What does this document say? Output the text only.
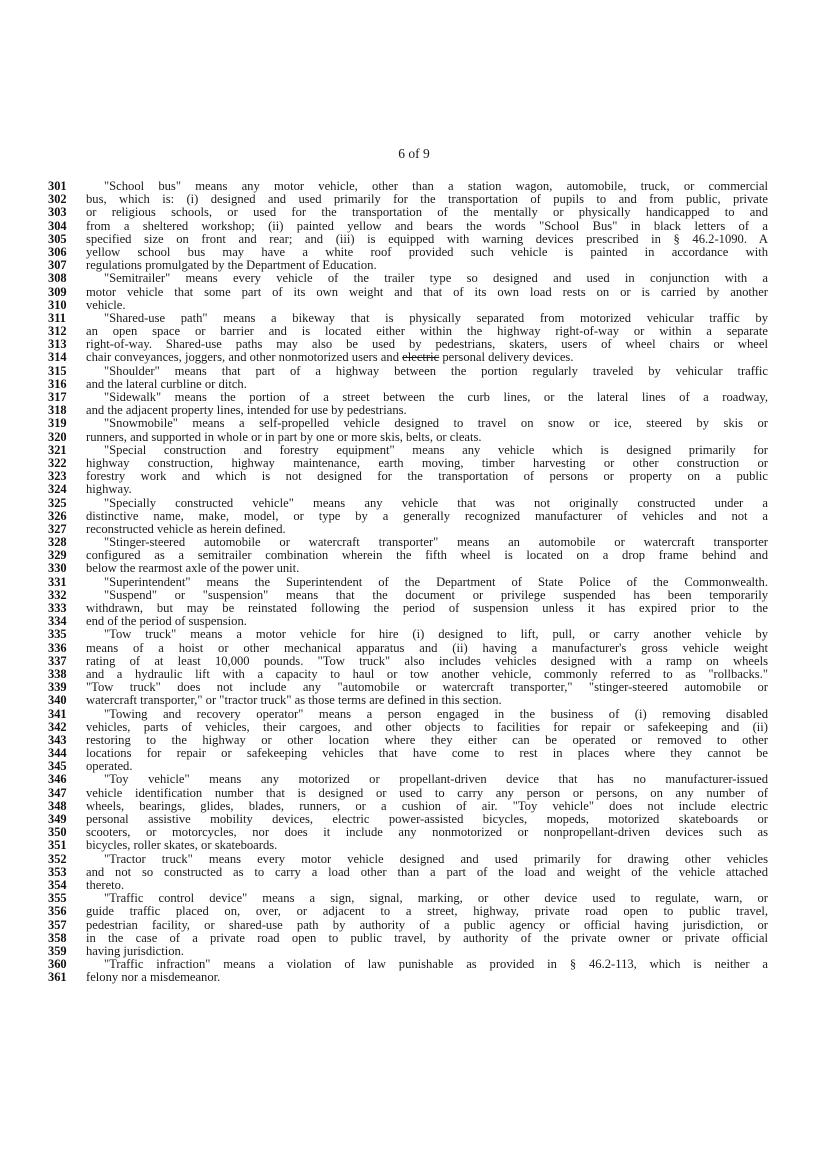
6 of 9
301	"School bus" means any motor vehicle, other than a station wagon, automobile, truck, or commercial
302	bus, which is: (i) designed and used primarily for the transportation of pupils to and from public, private
303	or religious schools, or used for the transportation of the mentally or physically handicapped to and
304	from a sheltered workshop; (ii) painted yellow and bears the words "School Bus" in black letters of a
305	specified size on front and rear; and (iii) is equipped with warning devices prescribed in § 46.2-1090. A
306	yellow school bus may have a white roof provided such vehicle is painted in accordance with
307	regulations promulgated by the Department of Education.
308	"Semitrailer" means every vehicle of the trailer type so designed and used in conjunction with a
309	motor vehicle that some part of its own weight and that of its own load rests on or is carried by another
310	vehicle.
311	"Shared-use path" means a bikeway that is physically separated from motorized vehicular traffic by
312	an open space or barrier and is located either within the highway right-of-way or within a separate
313	right-of-way. Shared-use paths may also be used by pedestrians, skaters, users of wheel chairs or wheel
314	chair conveyances, joggers, and other nonmotorized users and electric personal delivery devices.
315	"Shoulder" means that part of a highway between the portion regularly traveled by vehicular traffic
316	and the lateral curbline or ditch.
317	"Sidewalk" means the portion of a street between the curb lines, or the lateral lines of a roadway,
318	and the adjacent property lines, intended for use by pedestrians.
319	"Snowmobile" means a self-propelled vehicle designed to travel on snow or ice, steered by skis or
320	runners, and supported in whole or in part by one or more skis, belts, or cleats.
321	"Special construction and forestry equipment" means any vehicle which is designed primarily for
322	highway construction, highway maintenance, earth moving, timber harvesting or other construction or
323	forestry work and which is not designed for the transportation of persons or property on a public
324	highway.
325	"Specially constructed vehicle" means any vehicle that was not originally constructed under a
326	distinctive name, make, model, or type by a generally recognized manufacturer of vehicles and not a
327	reconstructed vehicle as herein defined.
328	"Stinger-steered automobile or watercraft transporter" means an automobile or watercraft transporter
329	configured as a semitrailer combination wherein the fifth wheel is located on a drop frame behind and
330	below the rearmost axle of the power unit.
331	"Superintendent" means the Superintendent of the Department of State Police of the Commonwealth.
332	"Suspend" or "suspension" means that the document or privilege suspended has been temporarily
333	withdrawn, but may be reinstated following the period of suspension unless it has expired prior to the
334	end of the period of suspension.
335	"Tow truck" means a motor vehicle for hire (i) designed to lift, pull, or carry another vehicle by
336	means of a hoist or other mechanical apparatus and (ii) having a manufacturer's gross vehicle weight
337	rating of at least 10,000 pounds. "Tow truck" also includes vehicles designed with a ramp on wheels
338	and a hydraulic lift with a capacity to haul or tow another vehicle, commonly referred to as "rollbacks."
339	"Tow truck" does not include any "automobile or watercraft transporter," "stinger-steered automobile or
340	watercraft transporter," or "tractor truck" as those terms are defined in this section.
341	"Towing and recovery operator" means a person engaged in the business of (i) removing disabled
342	vehicles, parts of vehicles, their cargoes, and other objects to facilities for repair or safekeeping and (ii)
343	restoring to the highway or other location where they either can be operated or removed to other
344	locations for repair or safekeeping vehicles that have come to rest in places where they cannot be
345	operated.
346	"Toy vehicle" means any motorized or propellant-driven device that has no manufacturer-issued
347	vehicle identification number that is designed or used to carry any person or persons, on any number of
348	wheels, bearings, glides, blades, runners, or a cushion of air. "Toy vehicle" does not include electric
349	personal assistive mobility devices, electric power-assisted bicycles, mopeds, motorized skateboards or
350	scooters, or motorcycles, nor does it include any nonmotorized or nonpropellant-driven devices such as
351	bicycles, roller skates, or skateboards.
352	"Tractor truck" means every motor vehicle designed and used primarily for drawing other vehicles
353	and not so constructed as to carry a load other than a part of the load and weight of the vehicle attached
354	thereto.
355	"Traffic control device" means a sign, signal, marking, or other device used to regulate, warn, or
356	guide traffic placed on, over, or adjacent to a street, highway, private road open to public travel,
357	pedestrian facility, or shared-use path by authority of a public agency or official having jurisdiction, or
358	in the case of a private road open to public travel, by authority of the private owner or private official
359	having jurisdiction.
360	"Traffic infraction" means a violation of law punishable as provided in § 46.2-113, which is neither a
361	felony nor a misdemeanor.
